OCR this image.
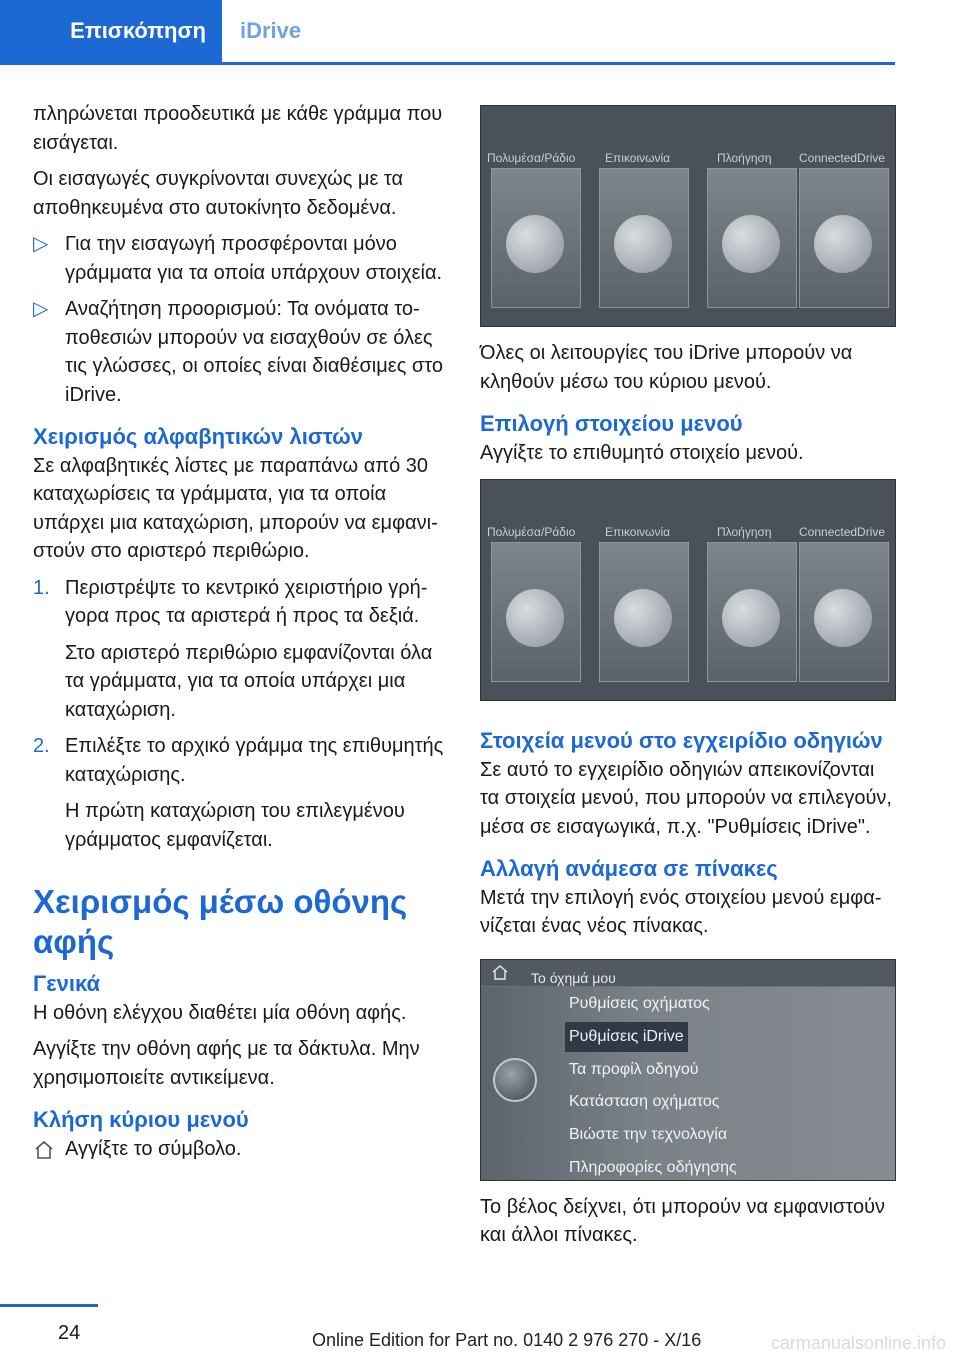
Επισκόπηση	iDrive

πληρώνεται προοδευτικά με κάθε γράμμα που εισάγεται.

Οι εισαγωγές συγκρίνονται συνεχώς με τα αποθηκευμένα στο αυτοκίνητο δεδομένα.

▷ Για την εισαγωγή προσφέρονται μόνο γράμματα για τα οποία υπάρχουν στοιχεία.
▷ Αναζήτηση προορισμού: Τα ονόματα τοποθεσιών μπορούν να εισαχθούν σε όλες τις γλώσσες, οι οποίες είναι διαθέσιμες στο iDrive.
Χειρισμός αλφαβητικών λιστών

Σε αλφαβητικές λίστες με παραπάνω από 30 καταχωρίσεις τα γράμματα, για τα οποία υπάρχει μια καταχώριση, μπορούν να εμφανιστούν στο αριστερό περιθώριο.

1. Περιστρέψτε το κεντρικό χειριστήριο γρήγορα προς τα αριστερά ή προς τα δεξιά.
Στο αριστερό περιθώριο εμφανίζονται όλα τα γράμματα, για τα οποία υπάρχει μια καταχώριση.
2. Επιλέξτε το αρχικό γράμμα της επιθυμητής καταχώρισης.
Η πρώτη καταχώριση του επιλεγμένου γράμματος εμφανίζεται.
Χειρισμός μέσω οθόνης αφής
Γενικά

Η οθόνη ελέγχου διαθέτει μία οθόνη αφής.

Αγγίξτε την οθόνη αφής με τα δάκτυλα. Μην χρησιμοποιείτε αντικείμενα.

Κλήση κύριου μενού

Αγγίξτε το σύμβολο.

Πολυμέσα/Ράδιο Επικοινωνία	Πλοήγηση ConnectedDrive

Όλες οι λειτουργίες του iDrive μπορούν να κληθούν μέσω του κύριου μενού.

Επιλογή στοιχείου μενού

Αγγίξτε το επιθυμητό στοιχείο μενού.

Πολυμέσα/Ράδιο Επικοινωνία	Πλοήγηση ConnectedDrive
Στοιχεία μενού στο εγχειρίδιο οδηγιών

Σε αυτό το εγχειρίδιο οδηγιών απεικονίζονται τα στοιχεία μενού, που μπορούν να επιλεγούν, μέσα σε εισαγωγικά, π.χ. "Ρυθμίσεις iDrive".

Αλλαγή ανάμεσα σε πίνακες

Μετά την επιλογή ενός στοιχείου μενού εμφανίζεται ένας νέος πίνακας.

Το όχημά μου
Ρυθμίσεις οχήματος
Ρυθμίσεις iDrive
Τα προφίλ οδηγού
Κατάσταση οχήματος
Βιώστε την τεχνολογία
Πληροφορίες οδήγησης

Το βέλος δείχνει, ότι μπορούν να εμφανιστούν και άλλοι πίνακες.

24	Online Edition for Part no. 0140 2 976 270 - X/16	carmanualsonline.info
